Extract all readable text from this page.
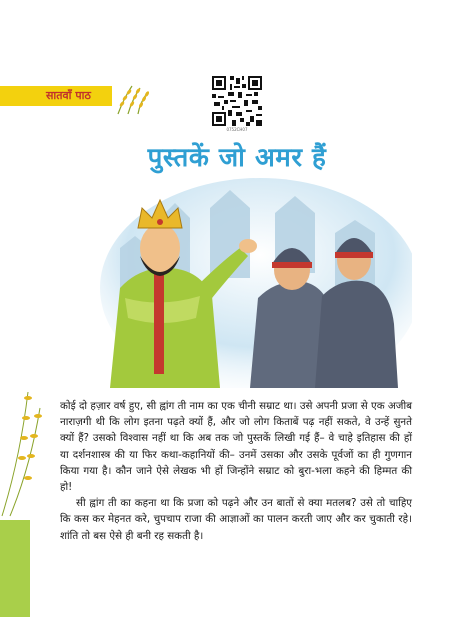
सातवाँ पाठ
0752CH07
पुस्तकें जो अमर हैं

कोई दो हज़ार वर्ष हुए, सी ह्वांग ती नाम का एक चीनी सम्राट था। उसे अपनी प्रजा से एक अजीब नाराज़गी थी कि लोग इतना पढ़ते क्यों हैं, और जो लोग किताबें पढ़ नहीं सकते, वे उन्हें सुनते क्यों हैं? उसको विश्वास नहीं था कि अब तक जो पुस्तकें लिखी गई हैं– वे चाहे इतिहास की हों या दर्शनशास्त्र की या फिर कथा-कहानियों की– उनमें उसका और उसके पूर्वजों का ही गुणगान किया गया है। कौन जाने ऐसे लेखक भी हों जिन्होंने सम्राट को बुरा-भला कहने की हिम्मत की हो!

सी ह्वांग ती का कहना था कि प्रजा को पढ़ने और उन बातों से क्या मतलब? उसे तो चाहिए कि कस कर मेहनत करे, चुपचाप राजा की आज्ञाओं का पालन करती जाए और कर चुकाती रहे। शांति तो बस ऐसे ही बनी रह सकती है।
